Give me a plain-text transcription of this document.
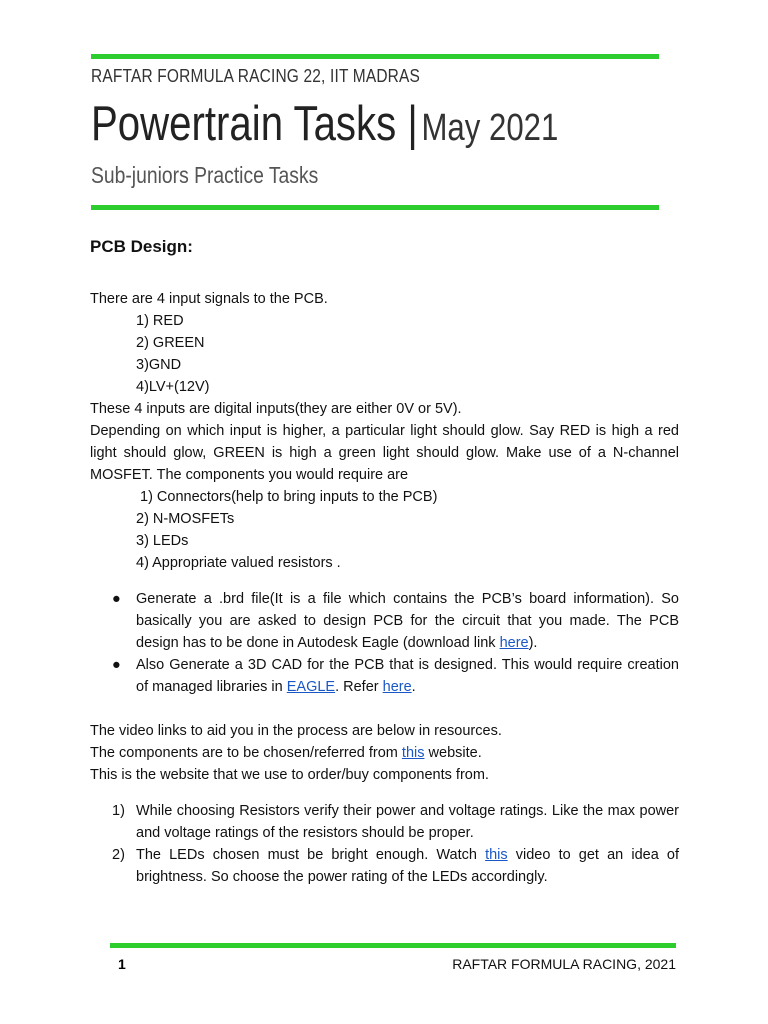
RAFTAR FORMULA RACING 22, IIT MADRAS
Powertrain Tasks | May 2021
Sub-juniors Practice Tasks
PCB Design:
There are 4 input signals to the PCB.
1) RED
2) GREEN
3)GND
4)LV+(12V)
These 4 inputs are digital inputs(they are either 0V or 5V).
Depending on which input is higher, a particular light should glow. Say RED is high a red light should glow, GREEN is high a green light should glow. Make use of a N-channel MOSFET. The components you would require are
1) Connectors(help to bring inputs to the PCB)
2) N-MOSFETs
3) LEDs
4) Appropriate valued resistors .
● Generate a .brd file(It is a file which contains the PCB’s board information). So basically you are asked to design PCB for the circuit that you made. The PCB design has to be done in Autodesk Eagle (download link here).
● Also Generate a 3D CAD for the PCB that is designed. This would require creation of managed libraries in EAGLE. Refer here.
The video links to aid you in the process are below in resources.
The components are to be chosen/referred from this website.
This is the website that we use to order/buy components from.
1) While choosing Resistors verify their power and voltage ratings. Like the max power and voltage ratings of the resistors should be proper.
2) The LEDs chosen must be bright enough. Watch this video to get an idea of brightness. So choose the power rating of the LEDs accordingly.
1	RAFTAR FORMULA RACING, 2021
